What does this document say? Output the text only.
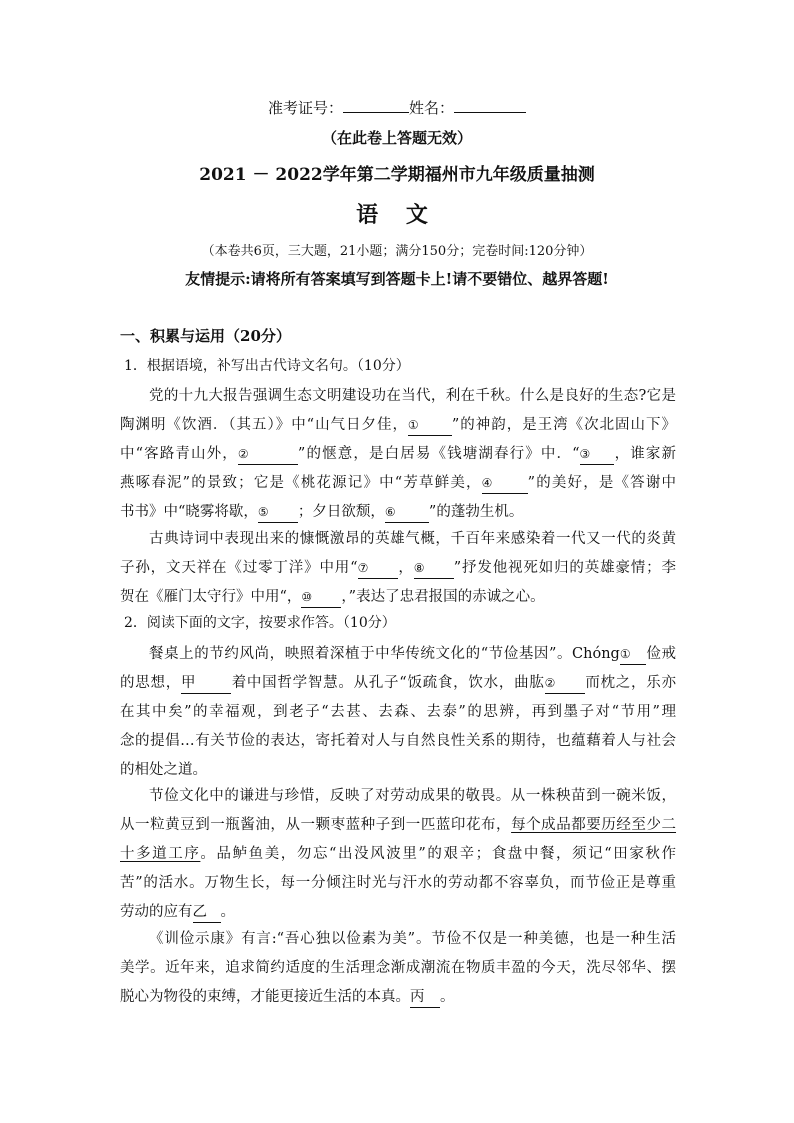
准考证号：	姓名：
（在此卷上答题无效）
2021 － 2022学年第二学期福州市九年级质量抽测
语 文
（本卷共6页，三大题，21小题；满分150分；完卷时间:120分钟）
友情提示:请将所有答案填写到答题卡上!请不要错位、越界答题!
一、积累与运用（20分）
1．根据语境，补写出古代诗文名句。（10分）
党的十九大报告强调生态文明建设功在当代，利在千秋。什么是良好的生态?它是
陶渊明《饮酒．（其五）》中“山气日夕佳，① ”的神韵，是王湾《次北固山下》
中“客路青山外，②	”的惬意，是白居易《钱塘湖春行》中．“③ ，谁家新
燕啄春泥”的景致；它是《桃花源记》中“芳草鲜美，④ ”的美好，是《答谢中
书书》中“晓雾将歇，⑤ ；夕日欲颓，⑥ ”的蓬勃生机。
古典诗词中表现出来的慷慨激昂的英雄气概，千百年来感染着一代又一代的炎黄
子孙，文天祥在《过零丁洋》中用“⑦ ，⑧ ”抒发他视死如归的英雄豪情；李
贺在《雁门太守行》中用“，⑩ ，”表达了忠君报国的赤诚之心。
2．阅读下面的文字，按要求作答。（10分）
餐桌上的节约风尚，映照着深植于中华传统文化的“节俭基因”。Chóng① 俭戒
的思想，甲 着中国哲学智慧。从孔子“饭疏食，饮水，曲肱② 而枕之，乐亦
在其中矣”的幸福观，到老子“去甚、去森、去泰”的思辨，再到墨子对“节用”理
念的提倡…有关节俭的表达，寄托着对人与自然良性关系的期待，也蕴藉着人与社会
的相处之道。
节俭文化中的谦进与珍惜，反映了对劳动成果的敬畏。从一株秧苗到一碗米饭，
从一粒黄豆到一瓶酱油，从一颗枣蓝种子到一匹蓝印花布，每个成品都要历经至少二
十多道工序。品鲈鱼美，勿忘“出没风波里”的艰辛；食盘中餐，须记“田家秋作
苦”的活水。万物生长，每一分倾注时光与汗水的劳动都不容辜负，而节俭正是尊重
劳动的应有乙 。
《训俭示康》有言:“吾心独以俭素为美”。节俭不仅是一种美德，也是一种生活
美学。近年来，追求简约适度的生活理念渐成潮流在物质丰盈的今天，洗尽邻华、摆
脱心为物役的束缚，才能更接近生活的本真。丙 。
